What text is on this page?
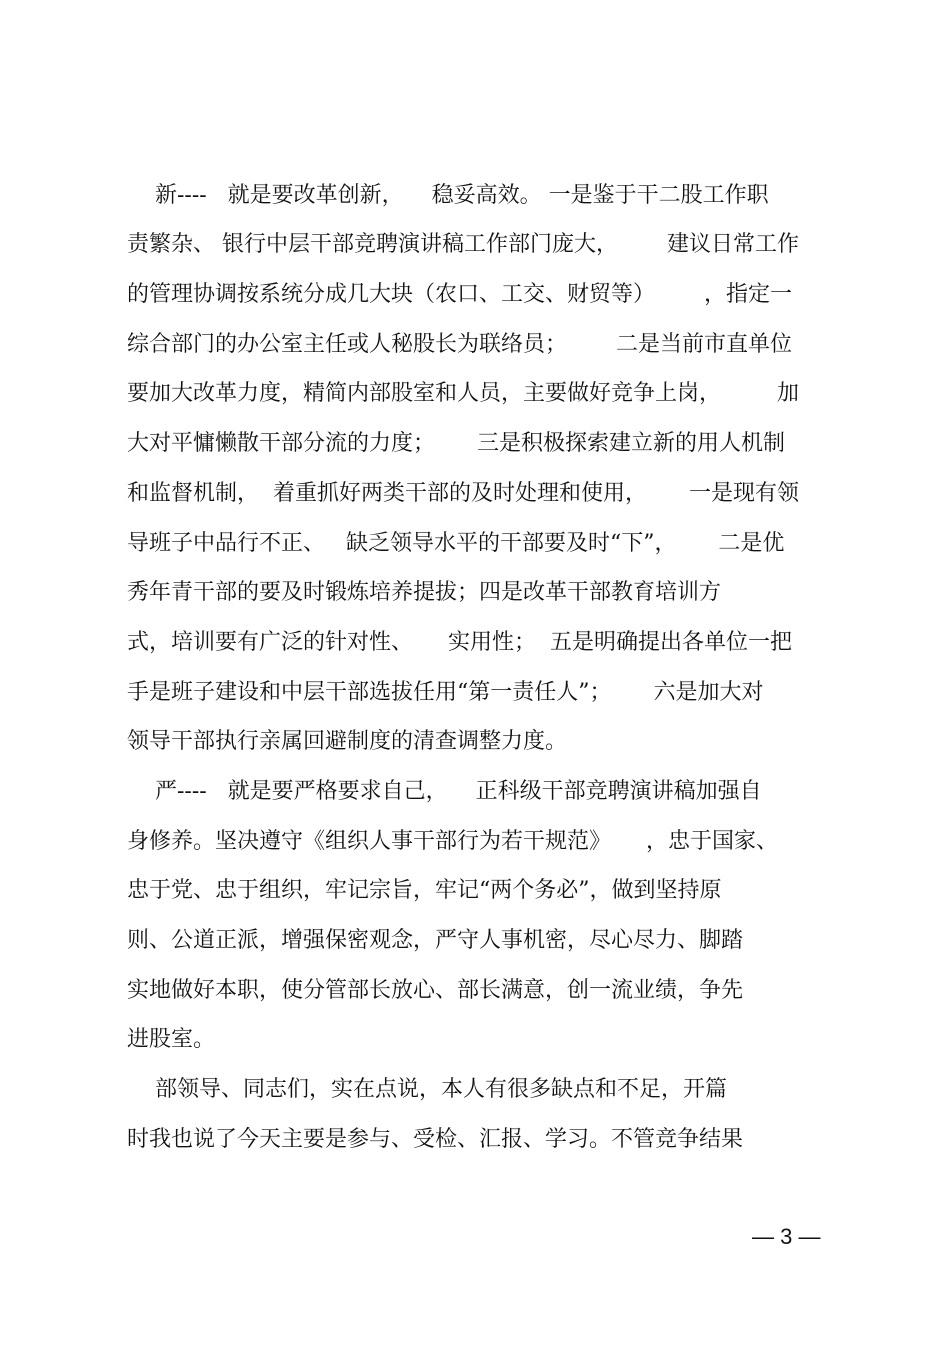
新----   就是要改革创新，    稳妥高效。 一是鉴于干二股工作职
责繁杂、 银行中层干部竞聘演讲稿工作部门庞大，       建议日常工作
的管理协调按系统分成几大块（农口、工交、财贸等）       ，指定一
综合部门的办公室主任或人秘股长为联络员；       二是当前市直单位
要加大改革力度，精简内部股室和人员，主要做好竞争上岗，        加
大对平慵懒散干部分流的力度；      三是积极探索建立新的用人机制
和监督机制，  着重抓好两类干部的及时处理和使用，      一是现有领
导班子中品行不正、   缺乏领导水平的干部要及时“下”，      二是优
秀年青干部的要及时锻炼培养提拔；四是改革干部教育培训方
式，培训要有广泛的针对性、     实用性；  五是明确提出各单位一把
手是班子建设和中层干部选拔任用“第一责任人”；      六是加大对
领导干部执行亲属回避制度的清查调整力度。
严----   就是要严格要求自己，    正科级干部竞聘演讲稿加强自
身修养。坚决遵守《组织人事干部行为若干规范》     ，忠于国家、
忠于党、忠于组织，牢记宗旨，牢记“两个务必”，做到坚持原
则、公道正派，增强保密观念，严守人事机密，尽心尽力、脚踏
实地做好本职，使分管部长放心、部长满意，创一流业绩，争先
进股室。
部领导、同志们，实在点说，本人有很多缺点和不足，开篇
时我也说了今天主要是参与、受检、汇报、学习。不管竞争结果
— 3 —
